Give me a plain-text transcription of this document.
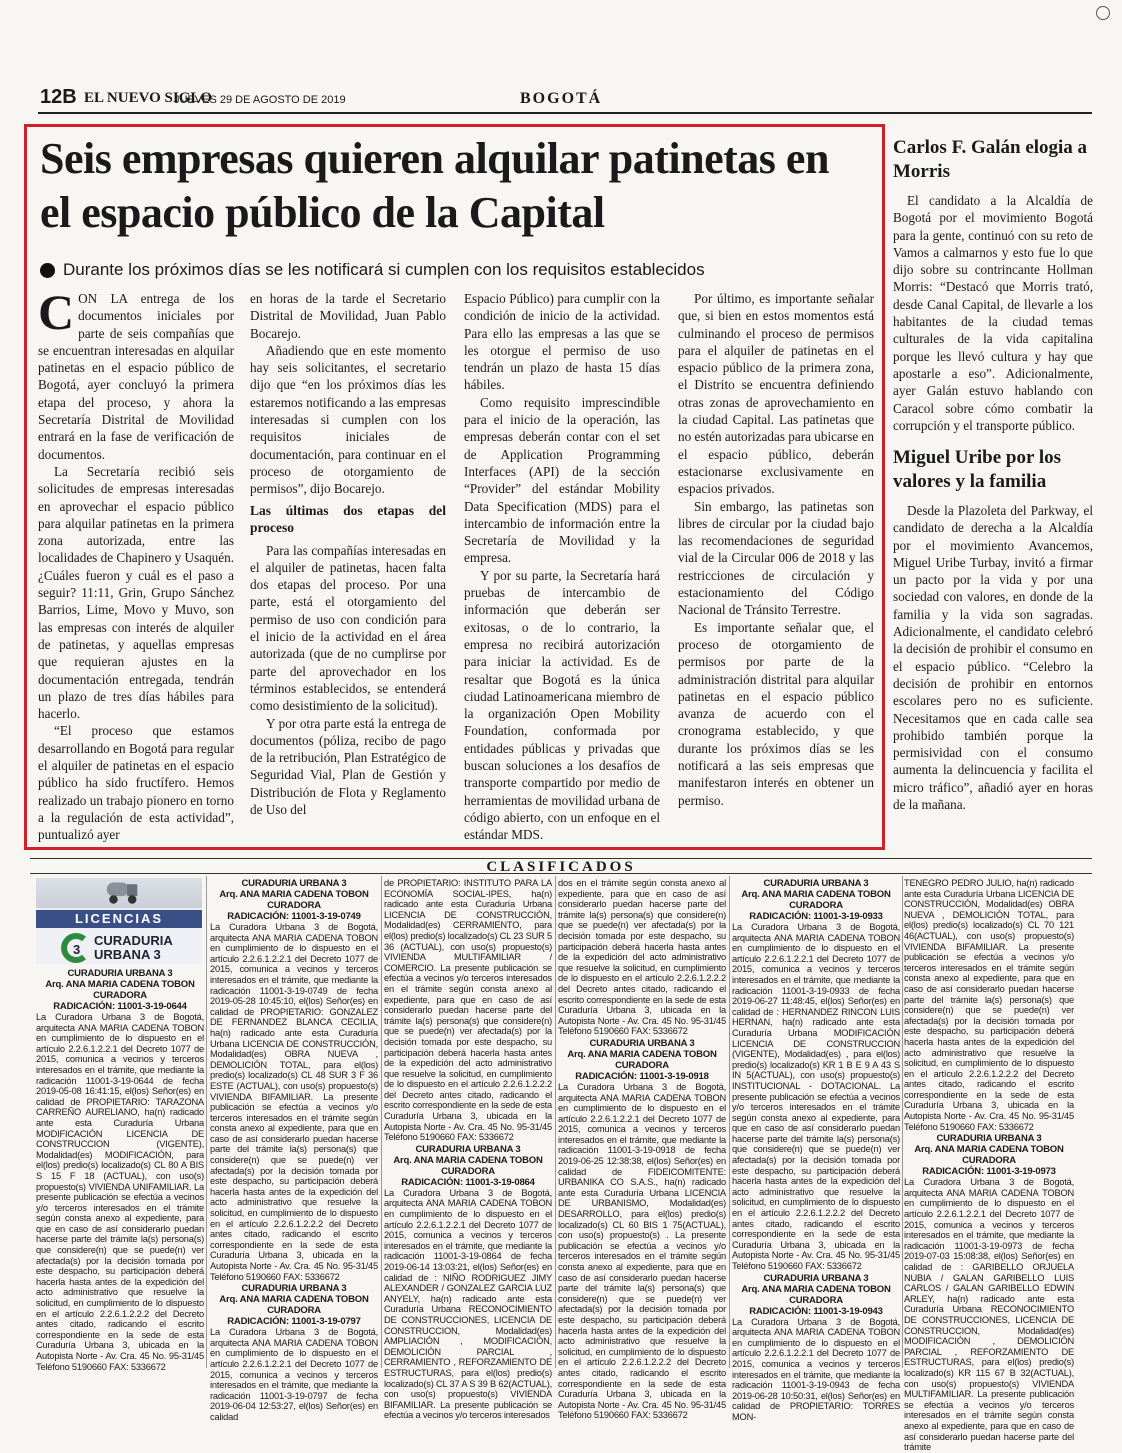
12B EL NUEVO SIGLO
JUEVES 29 DE AGOSTO DE 2019	BOGOTÁ
Seis empresas quieren alquilar patinetas en el espacio público de la Capital
Durante los próximos días se les notificará si cumplen con los requisitos establecidos

CON LA entrega de los documentos iniciales por parte de seis compañías que se encuentran interesadas en alquilar patinetas en el espacio público de Bogotá, ayer concluyó la primera etapa del proceso, y ahora la Secretaría Distrital de Movilidad entrará en la fase de verificación de documentos.

La Secretaría recibió seis solicitudes de empresas interesadas en aprovechar el espacio público para alquilar patinetas en la primera zona autorizada, entre las localidades de Chapinero y Usaquén. ¿Cuáles fueron y cuál es el paso a seguir? 11:11, Grin, Grupo Sánchez Barrios, Lime, Movo y Muvo, son las empresas con interés de alquiler de patinetas, y aquellas empresas que requieran ajustes en la documentación entregada, tendrán un plazo de tres días hábiles para hacerlo.

“El proceso que estamos desarrollando en Bogotá para regular el alquiler de patinetas en el espacio público ha sido fructífero. Hemos realizado un trabajo pionero en torno a la regulación de esta actividad”, puntualizó ayer

en horas de la tarde el Secretario Distrital de Movilidad, Juan Pablo Bocarejo.

Añadiendo que en este momento hay seis solicitantes, el secretario dijo que “en los próximos días les estaremos notificando a las empresas interesadas si cumplen con los requisitos iniciales de documentación, para continuar en el proceso de otorgamiento de permisos”, dijo Bocarejo.

Las últimas dos etapas del proceso

Para las compañías interesadas en el alquiler de patinetas, hacen falta dos etapas del proceso. Por una parte, está el otorgamiento del permiso de uso con condición para el inicio de la actividad en el área autorizada (que de no cumplirse por parte del aprovechador en los términos establecidos, se entenderá como desistimiento de la solicitud).

Y por otra parte está la entrega de documentos (póliza, recibo de pago de la retribución, Plan Estratégico de Seguridad Vial, Plan de Gestión y Distribución de Flota y Reglamento de Uso del

Espacio Público) para cumplir con la condición de inicio de la actividad. Para ello las empresas a las que se les otorgue el permiso de uso tendrán un plazo de hasta 15 días hábiles.

Como requisito imprescindible para el inicio de la operación, las empresas deberán contar con el set de Application Programming Interfaces (API) de la sección “Provider” del estándar Mobility Data Specification (MDS) para el intercambio de información entre la Secretaría de Movilidad y la empresa.

Y por su parte, la Secretaría hará pruebas de intercambio de información que deberán ser exitosas, o de lo contrario, la empresa no recibirá autorización para iniciar la actividad. Es de resaltar que Bogotá es la única ciudad Latinoamericana miembro de la organización Open Mobility Foundation, conformada por entidades públicas y privadas que buscan soluciones a los desafíos de transporte compartido por medio de herramientas de movilidad urbana de código abierto, con un enfoque en el estándar MDS.

Por último, es importante señalar que, si bien en estos momentos está culminando el proceso de permisos para el alquiler de patinetas en el espacio público de la primera zona, el Distrito se encuentra definiendo otras zonas de aprovechamiento en la ciudad Capital. Las patinetas que no estén autorizadas para ubicarse en el espacio público, deberán estacionarse exclusivamente en espacios privados.

Sin embargo, las patinetas son libres de circular por la ciudad bajo las recomendaciones de seguridad vial de la Circular 006 de 2018 y las restricciones de circulación y estacionamiento del Código Nacional de Tránsito Terrestre.

Es importante señalar que, el proceso de otorgamiento de permisos por parte de la administración distrital para alquilar patinetas en el espacio público avanza de acuerdo con el cronograma establecido, y que durante los próximos días se les notificará a las seis empresas que manifestaron interés en obtener un permiso.

Carlos F. Galán elogia a Morris

El candidato a la Alcaldía de Bogotá por el movimiento Bogotá para la gente, continuó con su reto de Vamos a calmarnos y esto fue lo que dijo sobre su contrincante Hollman Morris: “Destacó que Morris trató, desde Canal Capital, de llevarle a los habitantes de la ciudad temas culturales de la vida capitalina porque les llevó cultura y hay que apostarle a eso”. Adicionalmente, ayer Galán estuvo hablando con Caracol sobre cómo combatir la corrupción y el transporte público.

Miguel Uribe por los valores y la familia

Desde la Plazoleta del Parkway, el candidato de derecha a la Alcaldía por el movimiento Avancemos, Miguel Uribe Turbay, invitó a firmar un pacto por la vida y por una sociedad con valores, en donde de la familia y la vida son sagradas. Adicionalmente, el candidato celebró la decisión de prohibir el consumo en el espacio público. “Celebro la decisión de prohibir en entornos escolares pero no es suficiente. Necesitamos que en cada calle sea prohibido también porque la permisividad con el consumo aumenta la delincuencia y facilita el micro tráfico”, añadió ayer en horas de la mañana.

CLASIFICADOS
LICENCIAS
3
CURADURIA
URBANA 3
CURADURIA URBANA 3
Arq. ANA MARIA CADENA TOBON
CURADORA
RADICACIÓN: 11001-3-19-0644

La Curadora Urbana 3 de Bogotá, arquitecta ANA MARIA CADENA TOBON en cumplimiento de lo dispuesto en el artículo 2.2.6.1.2.2.1 del Decreto 1077 de 2015, comunica a vecinos y terceros interesados en el trámite, que mediante la radicación 11001-3-19-0644 de fecha 2019-05-08 16:41:15, el(los) Señor(es) en calidad de PROPIETARIO: TARAZONA CARREÑO AURELIANO, ha(n) radicado ante esta Curaduría Urbana MODIFICACIÓN LICENCIA DE CONSTRUCCION (VIGENTE), Modalidad(es) MODIFICACIÓN, para el(los) predio(s) localizado(s) CL 80 A BIS S 15 F 18 (ACTUAL), con uso(s) propuesto(s) VIVIENDA UNIFAMILIAR. La presente publicación se efectúa a vecinos y/o terceros interesados en el trámite según consta anexo al expediente, para que en caso de así considerarlo puedan hacerse parte del trámite la(s) persona(s) que considere(n) que se puede(n) ver afectada(s) por la decisión tomada por este despacho, su participación deberá hacerla hasta antes de la expedición del acto administrativo que resuelve la solicitud, en cumplimiento de lo dispuesto en el artículo 2.2.6.1.2.2.2 del Decreto antes citado, radicando el escrito correspondiente en la sede de esta Curaduría Urbana 3, ubicada en la Autopista Norte - Av. Cra. 45 No. 95-31/45 Teléfono 5190660 FAX: 5336672

CURADURIA URBANA 3
Arq. ANA MARIA CADENA TOBON
CURADORA
RADICACIÓN: 11001-3-19-0749

La Curadora Urbana 3 de Bogotá, arquitecta ANA MARIA CADENA TOBON en cumplimiento de lo dispuesto en el artículo 2.2.6.1.2.2.1 del Decreto 1077 de 2015, comunica a vecinos y terceros interesados en el trámite, que mediante la radicación 11001-3-19-0749 de fecha 2019-05-28 10:45:10, el(los) Señor(es) en calidad de PROPIETARIO: GONZALEZ DE FERNANDEZ BLANCA CECILIA, ha(n) radicado ante esta Curaduría Urbana LICENCIA DE CONSTRUCCIÓN, Modalidad(es) OBRA NUEVA , DEMOLICIÓN TOTAL, para el(los) predio(s) localizado(s) CL 48 SUR 3 F 36 ESTE (ACTUAL), con uso(s) propuesto(s) VIVIENDA BIFAMILIAR. La presente publicación se efectúa a vecinos y/o terceros interesados en el trámite según consta anexo al expediente, para que en caso de así considerarlo puedan hacerse parte del trámite la(s) persona(s) que considere(n) que se puede(n) ver afectada(s) por la decisión tomada por este despacho, su participación deberá hacerla hasta antes de la expedición del acto administrativo que resuelve la solicitud, en cumplimiento de lo dispuesto en el artículo 2.2.6.1.2.2.2 del Decreto antes citado, radicando el escrito correspondiente en la sede de esta Curaduría Urbana 3, ubicada en la Autopista Norte - Av. Cra. 45 No. 95-31/45 Teléfono 5190660 FAX: 5336672

CURADURIA URBANA 3
Arq. ANA MARIA CADENA TOBON
CURADORA
RADICACIÓN: 11001-3-19-0797

La Curadora Urbana 3 de Bogotá, arquitecta ANA MARIA CADENA TOBON en cumplimiento de lo dispuesto en el artículo 2.2.6.1.2.2.1 del Decreto 1077 de 2015, comunica a vecinos y terceros interesados en el trámite, que mediante la radicación 11001-3-19-0797 de fecha 2019-06-04 12:53:27, el(los) Señor(es) en calidad

de PROPIETARIO: INSTITUTO PARA LA ECONOMÍA SOCIAL-IPES, ha(n) radicado ante esta Curaduría Urbana LICENCIA DE CONSTRUCCIÓN, Modalidad(es) CERRAMIENTO, para el(los) predio(s) localizado(s) CL 23 SUR 5 36 (ACTUAL), con uso(s) propuesto(s) VIVIENDA MULTIFAMILIAR / COMERCIO. La presente publicación se efectúa a vecinos y/o terceros interesados en el trámite según consta anexo al expediente, para que en caso de así considerarlo puedan hacerse parte del trámite la(s) persona(s) que considere(n) que se puede(n) ver afectada(s) por la decisión tomada por este despacho, su participación deberá hacerla hasta antes de la expedición del acto administrativo que resuelve la solicitud, en cumplimiento de lo dispuesto en el artículo 2.2.6.1.2.2.2 del Decreto antes citado, radicando el escrito correspondiente en la sede de esta Curaduría Urbana 3, ubicada en la Autopista Norte - Av. Cra. 45 No. 95-31/45 Teléfono 5190660 FAX: 5336672

CURADURIA URBANA 3
Arq. ANA MARIA CADENA TOBON
CURADORA
RADICACIÓN: 11001-3-19-0864

La Curadora Urbana 3 de Bogotá, arquitecta ANA MARIA CADENA TOBON en cumplimiento de lo dispuesto en el artículo 2.2.6.1.2.2.1 del Decreto 1077 de 2015, comunica a vecinos y terceros interesados en el trámite, que mediante la radicación 11001-3-19-0864 de fecha 2019-06-14 13:03:21, el(los) Señor(es) en calidad de : NIÑO RODRIGUEZ JIMY ALEXANDER / GONZALEZ GARCIA LUZ ANYELY, ha(n) radicado ante esta Curaduría Urbana RECONOCIMIENTO DE CONSTRUCCIONES, LICENCIA DE CONSTRUCCION, Modalidad(es) AMPLIACIÓN , MODIFICACIÓN, DEMOLICIÓN PARCIAL , CERRAMIENTO , REFORZAMIENTO DE ESTRUCTURAS, para el(los) predio(s) localizado(s) CL 37 A S 39 B 62(ACTUAL), con uso(s) propuesto(s) VIVIENDA BIFAMILIAR. La presente publicación se efectúa a vecinos y/o terceros interesados

dos en el trámite según consta anexo al expediente, para que en caso de así considerarlo puedan hacerse parte del trámite la(s) persona(s) que considere(n) que se puede(n) ver afectada(s) por la decisión tomada por este despacho, su participación deberá hacerla hasta antes de la expedición del acto administrativo que resuelve la solicitud, en cumplimiento de lo dispuesto en el artículo 2.2.6.1.2.2.2 del Decreto antes citado, radicando el escrito correspondiente en la sede de esta Curaduría Urbana 3, ubicada en la Autopista Norte - Av. Cra. 45 No. 95-31/45 Teléfono 5190660 FAX: 5336672

CURADURIA URBANA 3
Arq. ANA MARIA CADENA TOBON
CURADORA
RADICACIÓN: 11001-3-19-0918

La Curadora Urbana 3 de Bogotá, arquitecta ANA MARIA CADENA TOBON en cumplimiento de lo dispuesto en el artículo 2.2.6.1.2.2.1 del Decreto 1077 de 2015, comunica a vecinos y terceros interesados en el trámite, que mediante la radicación 11001-3-19-0918 de fecha 2019-06-25 12:38:38, el(los) Señor(es) en calidad de FIDEICOMITENTE: URBANIKA CO S.A.S., ha(n) radicado ante esta Curaduría Urbana LICENCIA DE URBANISMO, Modalidad(es) DESARROLLO, para el(los) predio(s) localizado(s) CL 60 BIS 1 75(ACTUAL), con uso(s) propuesto(s) . La presente publicación se efectúa a vecinos y/o terceros interesados en el trámite según consta anexo al expediente, para que en caso de así considerarlo puedan hacerse parte del trámite la(s) persona(s) que considere(n) que se puede(n) ver afectada(s) por la decisión tomada por este despacho, su participación deberá hacerla hasta antes de la expedición del acto administrativo que resuelve la solicitud, en cumplimiento de lo dispuesto en el artículo 2.2.6.1.2.2.2 del Decreto antes citado, radicando el escrito correspondiente en la sede de esta Curaduría Urbana 3, ubicada en la Autopista Norte - Av. Cra. 45 No. 95-31/45 Teléfono 5190660 FAX: 5336672

CURADURIA URBANA 3
Arq. ANA MARIA CADENA TOBON
CURADORA
RADICACIÓN: 11001-3-19-0933

La Curadora Urbana 3 de Bogotá, arquitecta ANA MARIA CADENA TOBON en cumplimiento de lo dispuesto en el artículo 2.2.6.1.2.2.1 del Decreto 1077 de 2015, comunica a vecinos y terceros interesados en el trámite, que mediante la radicación 11001-3-19-0933 de fecha 2019-06-27 11:48:45, el(los) Señor(es) en calidad de : HERNANDEZ RINCON LUIS HERNAN, ha(n) radicado ante esta Curaduría Urbana MODIFICACIÓN LICENCIA DE CONSTRUCCION (VIGENTE), Modalidad(es) , para el(los) predio(s) localizado(s) KR 1 B E 9 A 43 S IN 5(ACTUAL), con uso(s) propuesto(s) INSTITUCIONAL - DOTACIONAL. La presente publicación se efectúa a vecinos y/o terceros interesados en el trámite según consta anexo al expediente, para que en caso de así considerarlo puedan hacerse parte del trámite la(s) persona(s) que considere(n) que se puede(n) ver afectada(s) por la decisión tomada por este despacho, su participación deberá hacerla hasta antes de la expedición del acto administrativo que resuelve la solicitud, en cumplimiento de lo dispuesto en el artículo 2.2.6.1.2.2.2 del Decreto antes citado, radicando el escrito correspondiente en la sede de esta Curaduría Urbana 3, ubicada en la Autopista Norte - Av. Cra. 45 No. 95-31/45 Teléfono 5190660 FAX: 5336672

CURADURIA URBANA 3
Arq. ANA MARIA CADENA TOBON
CURADORA
RADICACIÓN: 11001-3-19-0943

La Curadora Urbana 3 de Bogotá, arquitecta ANA MARIA CADENA TOBON en cumplimiento de lo dispuesto en el artículo 2.2.6.1.2.2.1 del Decreto 1077 de 2015, comunica a vecinos y terceros interesados en el trámite, que mediante la radicación 11001-3-19-0943 de fecha 2019-06-28 10:50:31, el(los) Señor(es) en calidad de PROPIETARIO: TORRES MON-

TENEGRO PEDRO JULIO, ha(n) radicado ante esta Curaduría Urbana LICENCIA DE CONSTRUCCIÓN, Modalidad(es) OBRA NUEVA , DEMOLICIÓN TOTAL, para el(los) predio(s) localizado(s) CL 70 121 46(ACTUAL), con uso(s) propuesto(s) VIVIENDA BIFAMILIAR. La presente publicación se efectúa a vecinos y/o terceros interesados en el trámite según consta anexo al expediente, para que en caso de así considerarlo puedan hacerse parte del trámite la(s) persona(s) que considere(n) que se puede(n) ver afectada(s) por la decisión tomada por este despacho, su participación deberá hacerla hasta antes de la expedición del acto administrativo que resuelve la solicitud, en cumplimiento de lo dispuesto en el artículo 2.2.6.1.2.2.2 del Decreto antes citado, radicando el escrito correspondiente en la sede de esta Curaduría Urbana 3, ubicada en la Autopista Norte - Av. Cra. 45 No. 95-31/45 Teléfono 5190660 FAX: 5336672

CURADURIA URBANA 3
Arq. ANA MARIA CADENA TOBON
CURADORA
RADICACIÓN: 11001-3-19-0973

La Curadora Urbana 3 de Bogotá, arquitecta ANA MARIA CADENA TOBON en cumplimiento de lo dispuesto en el artículo 2.2.6.1.2.2.1 del Decreto 1077 de 2015, comunica a vecinos y terceros interesados en el trámite, que mediante la radicación 11001-3-19-0973 de fecha 2019-07-03 15:08:38, el(los) Señor(es) en calidad de : GARIBELLO ORJUELA NUBIA / GALAN GARIBELLO LUIS CARLOS / GALAN GARIBELLO EDWIN ARLEY, ha(n) radicado ante esta Curaduría Urbana RECONOCIMIENTO DE CONSTRUCCIONES, LICENCIA DE CONSTRUCCION, Modalidad(es) MODIFICACIÓN , DEMOLICIÓN PARCIAL , REFORZAMIENTO DE ESTRUCTURAS, para el(los) predio(s) localizado(s) KR 115 67 B 32(ACTUAL), con uso(s) propuesto(s) VIVIENDA MULTIFAMILIAR. La presente publicación se efectúa a vecinos y/o terceros interesados en el trámite según consta anexo al expediente, para que en caso de así considerarlo puedan hacerse parte del trámite
